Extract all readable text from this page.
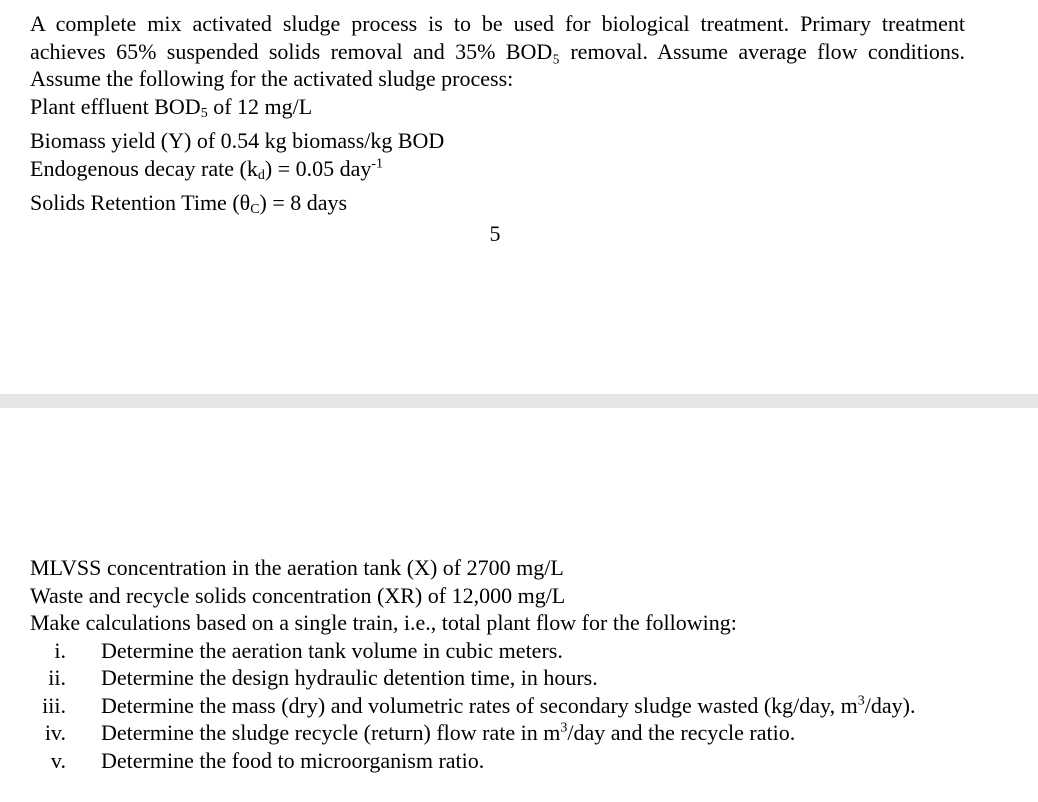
A complete mix activated sludge process is to be used for biological treatment. Primary treatment achieves 65% suspended solids removal and 35% BOD₅ removal. Assume average flow conditions. Assume the following for the activated sludge process:
Plant effluent BOD5 of 12 mg/L
Biomass yield (Y) of 0.54 kg biomass/kg BOD
Endogenous decay rate (kd) = 0.05 day$^{-1}$
Solids Retention Time (θC) = 8 days
5
MLVSS concentration in the aeration tank (X) of 2700 mg/L
Waste and recycle solids concentration (XR) of 12,000 mg/L
Make calculations based on a single train, i.e., total plant flow for the following:
i. Determine the aeration tank volume in cubic meters.
ii. Determine the design hydraulic detention time, in hours.
iii. Determine the mass (dry) and volumetric rates of secondary sludge wasted (kg/day, $m^3/day$).
iv. Determine the sludge recycle (return) flow rate in $m^3$/day and the recycle ratio.
v. Determine the food to microorganism ratio.
